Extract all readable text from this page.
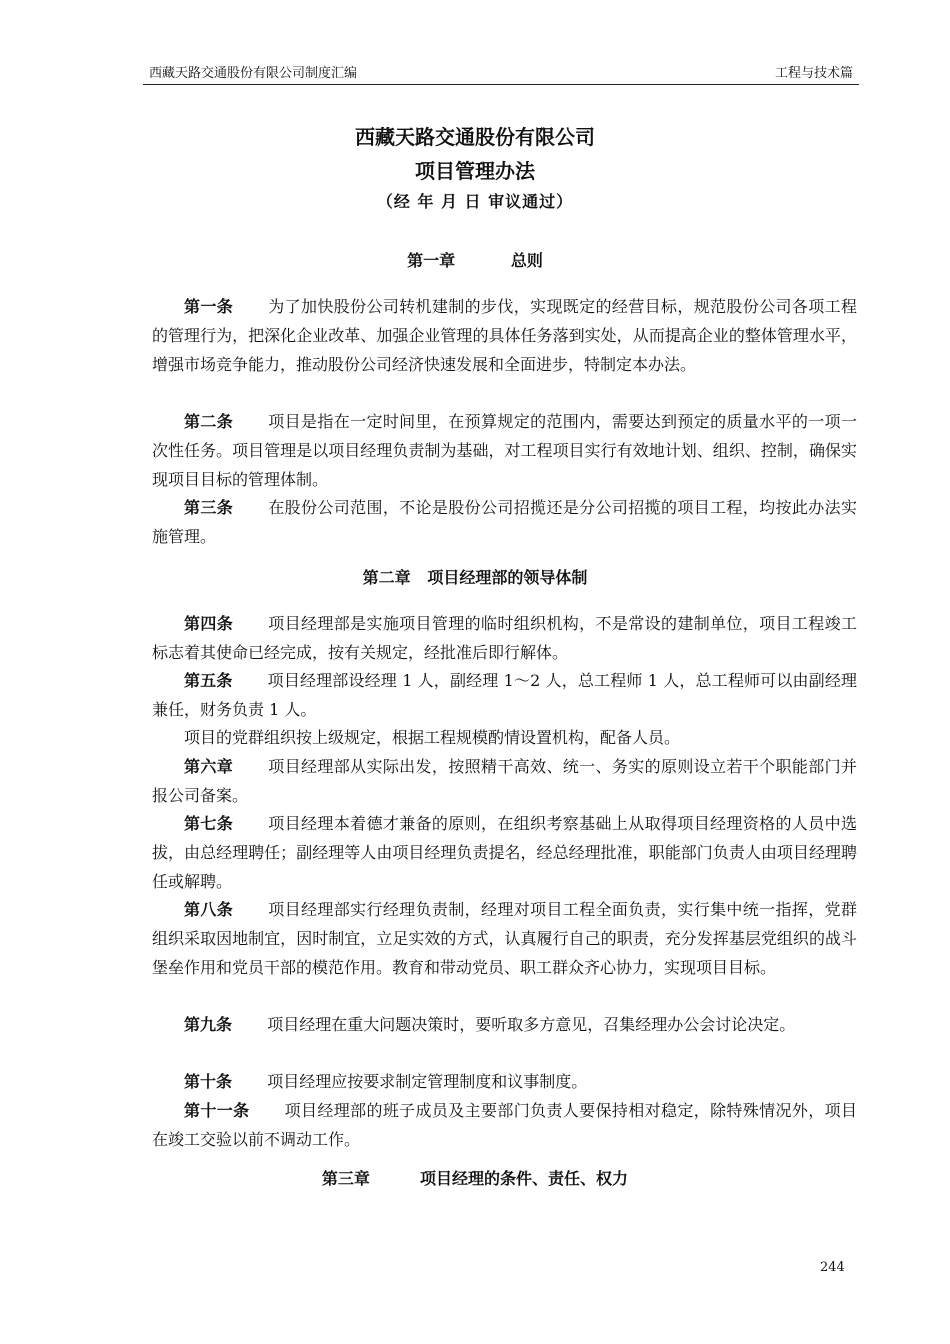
西藏天路交通股份有限公司制度汇编	工程与技术篇
西藏天路交通股份有限公司
项目管理办法
（经 年 月 日 审议通过）
第一章          总则

第一条 为了加快股份公司转机建制的步伐，实现既定的经营目标，规范股份公司各项工程的管理行为，把深化企业改革、加强企业管理的具体任务落到实处，从而提高企业的整体管理水平，增强市场竞争能力，推动股份公司经济快速发展和全面进步，特制定本办法。

第二条 项目是指在一定时间里，在预算规定的范围内，需要达到预定的质量水平的一项一次性任务。项目管理是以项目经理负责制为基础，对工程项目实行有效地计划、组织、控制，确保实现项目目标的管理体制。

第三条 在股份公司范围，不论是股份公司招揽还是分公司招揽的项目工程，均按此办法实施管理。

第二章   项目经理部的领导体制

第四条 项目经理部是实施项目管理的临时组织机构，不是常设的建制单位，项目工程竣工标志着其使命已经完成，按有关规定，经批准后即行解体。

第五条 项目经理部设经理 1 人，副经理 1～2 人，总工程师 1 人，总工程师可以由副经理兼任，财务负责 1 人。

项目的党群组织按上级规定，根据工程规模酌情设置机构，配备人员。

第六章 项目经理部从实际出发，按照精干高效、统一、务实的原则设立若干个职能部门并报公司备案。

第七条 项目经理本着德才兼备的原则，在组织考察基础上从取得项目经理资格的人员中选拔，由总经理聘任；副经理等人由项目经理负责提名，经总经理批准，职能部门负责人由项目经理聘任或解聘。

第八条 项目经理部实行经理负责制，经理对项目工程全面负责，实行集中统一指挥，党群组织采取因地制宜，因时制宜，立足实效的方式，认真履行自己的职责，充分发挥基层党组织的战斗堡垒作用和党员干部的模范作用。教育和带动党员、职工群众齐心协力，实现项目目标。

第九条 项目经理在重大问题决策时，要听取多方意见，召集经理办公会讨论决定。

第十条 项目经理应按要求制定管理制度和议事制度。

第十一条 项目经理部的班子成员及主要部门负责人要保持相对稳定，除特殊情况外，项目在竣工交验以前不调动工作。

第三章         项目经理的条件、责任、权力
244
